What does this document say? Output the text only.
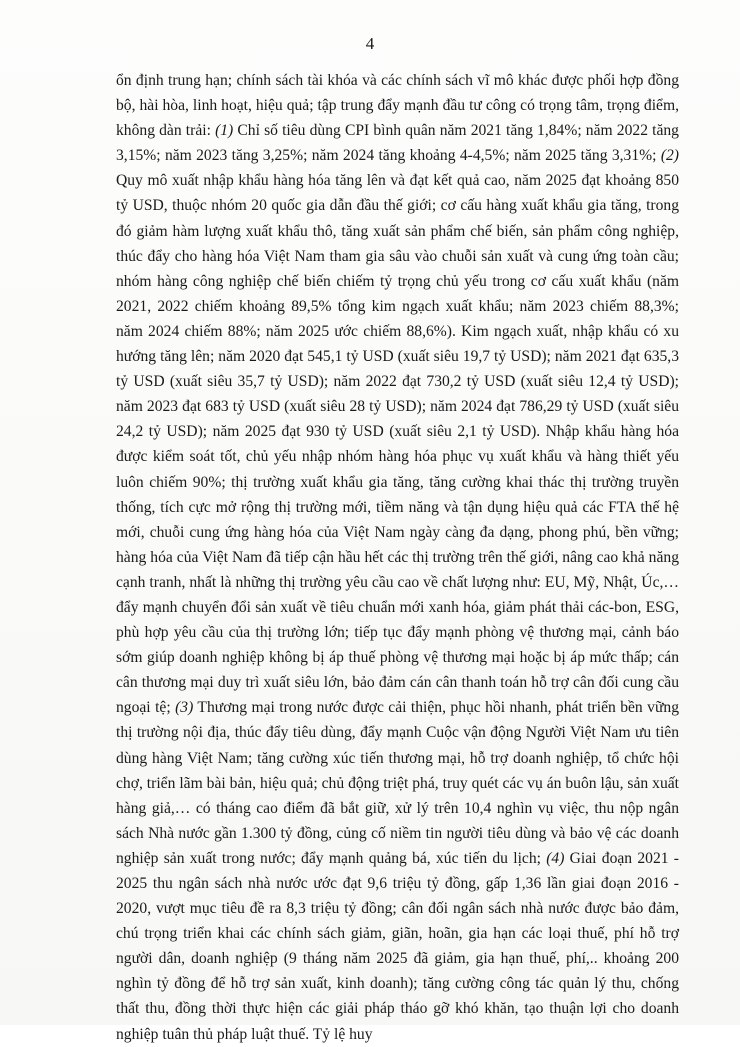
4

ổn định trung hạn; chính sách tài khóa và các chính sách vĩ mô khác được phối hợp đồng bộ, hài hòa, linh hoạt, hiệu quả; tập trung đẩy mạnh đầu tư công có trọng tâm, trọng điểm, không dàn trải: (1) Chỉ số tiêu dùng CPI bình quân năm 2021 tăng 1,84%; năm 2022 tăng 3,15%; năm 2023 tăng 3,25%; năm 2024 tăng khoảng 4-4,5%; năm 2025 tăng 3,31%; (2) Quy mô xuất nhập khẩu hàng hóa tăng lên và đạt kết quả cao, năm 2025 đạt khoảng 850 tỷ USD, thuộc nhóm 20 quốc gia dẫn đầu thế giới; cơ cấu hàng xuất khẩu gia tăng, trong đó giảm hàm lượng xuất khẩu thô, tăng xuất sản phẩm chế biến, sản phẩm công nghiệp, thúc đẩy cho hàng hóa Việt Nam tham gia sâu vào chuỗi sản xuất và cung ứng toàn cầu; nhóm hàng công nghiệp chế biến chiếm tỷ trọng chủ yếu trong cơ cấu xuất khẩu (năm 2021, 2022 chiếm khoảng 89,5% tổng kim ngạch xuất khẩu; năm 2023 chiếm 88,3%; năm 2024 chiếm 88%; năm 2025 ước chiếm 88,6%). Kim ngạch xuất, nhập khẩu có xu hướng tăng lên; năm 2020 đạt 545,1 tỷ USD (xuất siêu 19,7 tỷ USD); năm 2021 đạt 635,3 tỷ USD (xuất siêu 35,7 tỷ USD); năm 2022 đạt 730,2 tỷ USD (xuất siêu 12,4 tỷ USD); năm 2023 đạt 683 tỷ USD (xuất siêu 28 tỷ USD); năm 2024 đạt 786,29 tỷ USD (xuất siêu 24,2 tỷ USD); năm 2025 đạt 930 tỷ USD (xuất siêu 2,1 tỷ USD). Nhập khẩu hàng hóa được kiểm soát tốt, chủ yếu nhập nhóm hàng hóa phục vụ xuất khẩu và hàng thiết yếu luôn chiếm 90%; thị trường xuất khẩu gia tăng, tăng cường khai thác thị trường truyền thống, tích cực mở rộng thị trường mới, tiềm năng và tận dụng hiệu quả các FTA thế hệ mới, chuỗi cung ứng hàng hóa của Việt Nam ngày càng đa dạng, phong phú, bền vững; hàng hóa của Việt Nam đã tiếp cận hầu hết các thị trường trên thế giới, nâng cao khả năng cạnh tranh, nhất là những thị trường yêu cầu cao về chất lượng như: EU, Mỹ, Nhật, Úc,… đẩy mạnh chuyển đổi sản xuất về tiêu chuẩn mới xanh hóa, giảm phát thải các-bon, ESG, phù hợp yêu cầu của thị trường lớn; tiếp tục đẩy mạnh phòng vệ thương mại, cảnh báo sớm giúp doanh nghiệp không bị áp thuế phòng vệ thương mại hoặc bị áp mức thấp; cán cân thương mại duy trì xuất siêu lớn, bảo đảm cán cân thanh toán hỗ trợ cân đối cung cầu ngoại tệ; (3) Thương mại trong nước được cải thiện, phục hồi nhanh, phát triển bền vững thị trường nội địa, thúc đẩy tiêu dùng, đẩy mạnh Cuộc vận động Người Việt Nam ưu tiên dùng hàng Việt Nam; tăng cường xúc tiến thương mại, hỗ trợ doanh nghiệp, tổ chức hội chợ, triển lãm bài bản, hiệu quả; chủ động triệt phá, truy quét các vụ án buôn lậu, sản xuất hàng giả,… có tháng cao điểm đã bắt giữ, xử lý trên 10,4 nghìn vụ việc, thu nộp ngân sách Nhà nước gần 1.300 tỷ đồng, củng cố niềm tin người tiêu dùng và bảo vệ các doanh nghiệp sản xuất trong nước; đẩy mạnh quảng bá, xúc tiến du lịch; (4) Giai đoạn 2021 - 2025 thu ngân sách nhà nước ước đạt 9,6 triệu tỷ đồng, gấp 1,36 lần giai đoạn 2016 - 2020, vượt mục tiêu đề ra 8,3 triệu tỷ đồng; cân đối ngân sách nhà nước được bảo đảm, chú trọng triển khai các chính sách giảm, giãn, hoãn, gia hạn các loại thuế, phí hỗ trợ người dân, doanh nghiệp (9 tháng năm 2025 đã giảm, gia hạn thuế, phí,.. khoảng 200 nghìn tỷ đồng để hỗ trợ sản xuất, kinh doanh); tăng cường công tác quản lý thu, chống thất thu, đồng thời thực hiện các giải pháp tháo gỡ khó khăn, tạo thuận lợi cho doanh nghiệp tuân thủ pháp luật thuế. Tỷ lệ huy
